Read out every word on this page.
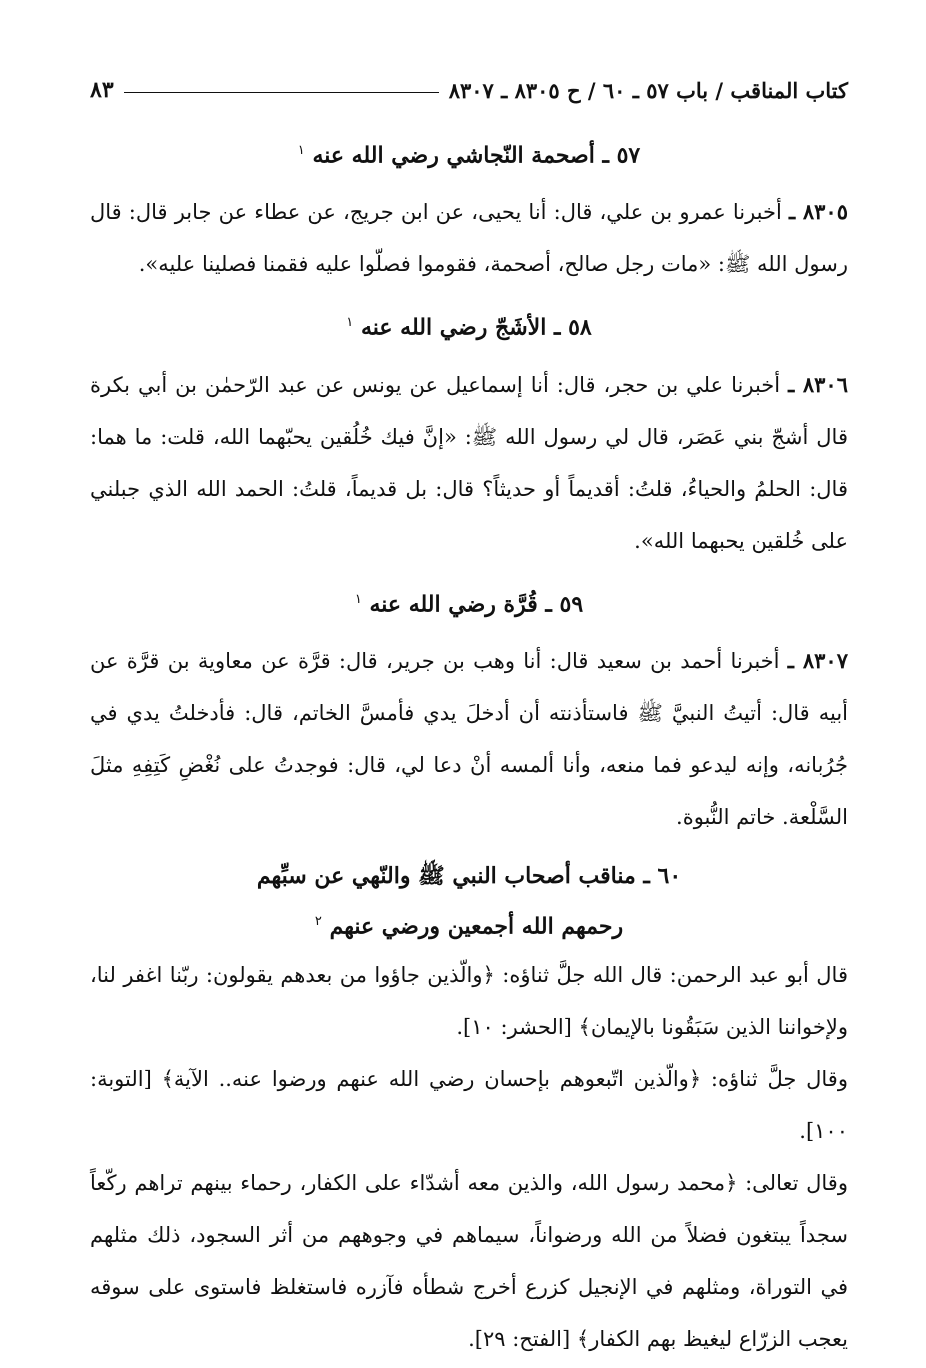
كتاب المناقب / باب ٥٧ ـ ٦٠ / ح ٨٣٠٥ ـ ٨٣٠٧
٨٣
٥٧ ـ أصحمة النّجاشي رضي الله عنه $^١$

٨٣٠٥ ـ أخبرنا عمرو بن علي، قال: أنا يحيى، عن ابن جريج، عن عطاء عن جابر قال: قال رسول الله ﷺ: «مات رجل صالح، أصحمة، فقوموا فصلّوا عليه فقمنا فصلينا عليه».

٥٨ ـ الأشَجّ رضي الله عنه $^١$

٨٣٠٦ ـ أخبرنا علي بن حجر، قال: أنا إسماعيل عن يونس عن عبد الرّحمٰن بن أبي بكرة قال أشجّ بني عَصَر، قال لي رسول الله ﷺ: «إنَّ فيك خُلُقين يحبّهما الله، قلت: ما هما: قال: الحلمُ والحياءُ، قلتُ: أقديماً أو حديثاً؟ قال: بل قديماً، قلتُ: الحمد الله الذي جبلني على خُلقين يحبهما الله».

٥٩ ـ قُرَّة رضي الله عنه $^١$

٨٣٠٧ ـ أخبرنا أحمد بن سعيد قال: أنا وهب بن جرير، قال: قرَّة عن معاوية بن قرَّة عن أبيه قال: أتيتُ النبيَّ ﷺ فاستأذنته أن أدخلَ يدي فأمسَّ الخاتم، قال: فأدخلتُ يدي في جُرُبانه، وإنه ليدعو فما منعه، وأنا ألمسه أنْ دعا لي، قال: فوجدتُ على نُغْضِ كَتِفِهِ مثلَ السَّلْعة. خاتم النُّبوة.

٦٠ ـ مناقب أصحاب النبي ﷺ والنّهي عن سبِّهم
رحمهم الله أجمعين ورضي عنهم $^٢$

قال أبو عبد الرحمن: قال الله جلَّ ثناؤه: ﴿والّذين جاؤوا من بعدهم يقولون: ربّنا اغفر لنا، ولإخواننا الذين سَبَقُونا بالإيمان﴾ [الحشر: ١٠].

وقال جلَّ ثناؤه: ﴿والّذين اتّبعوهم بإحسان رضي الله عنهم ورضوا عنه.. الآية﴾ [التوبة: ١٠٠].

وقال تعالى: ﴿محمد رسول الله، والذين معه أشدّاء على الكفار، رحماء بينهم تراهم ركّعاً سجداً يبتغون فضلاً من الله ورضواناً، سيماهم في وجوههم من أثر السجود، ذلك مثلهم في التوراة، ومثلهم في الإنجيل كزرع أخرج شطأه فآزره فاستغلظ فاستوى على سوقه يعجب الزرّاع ليغيظ بهم الكفار﴾ [الفتح: ٢٩].
